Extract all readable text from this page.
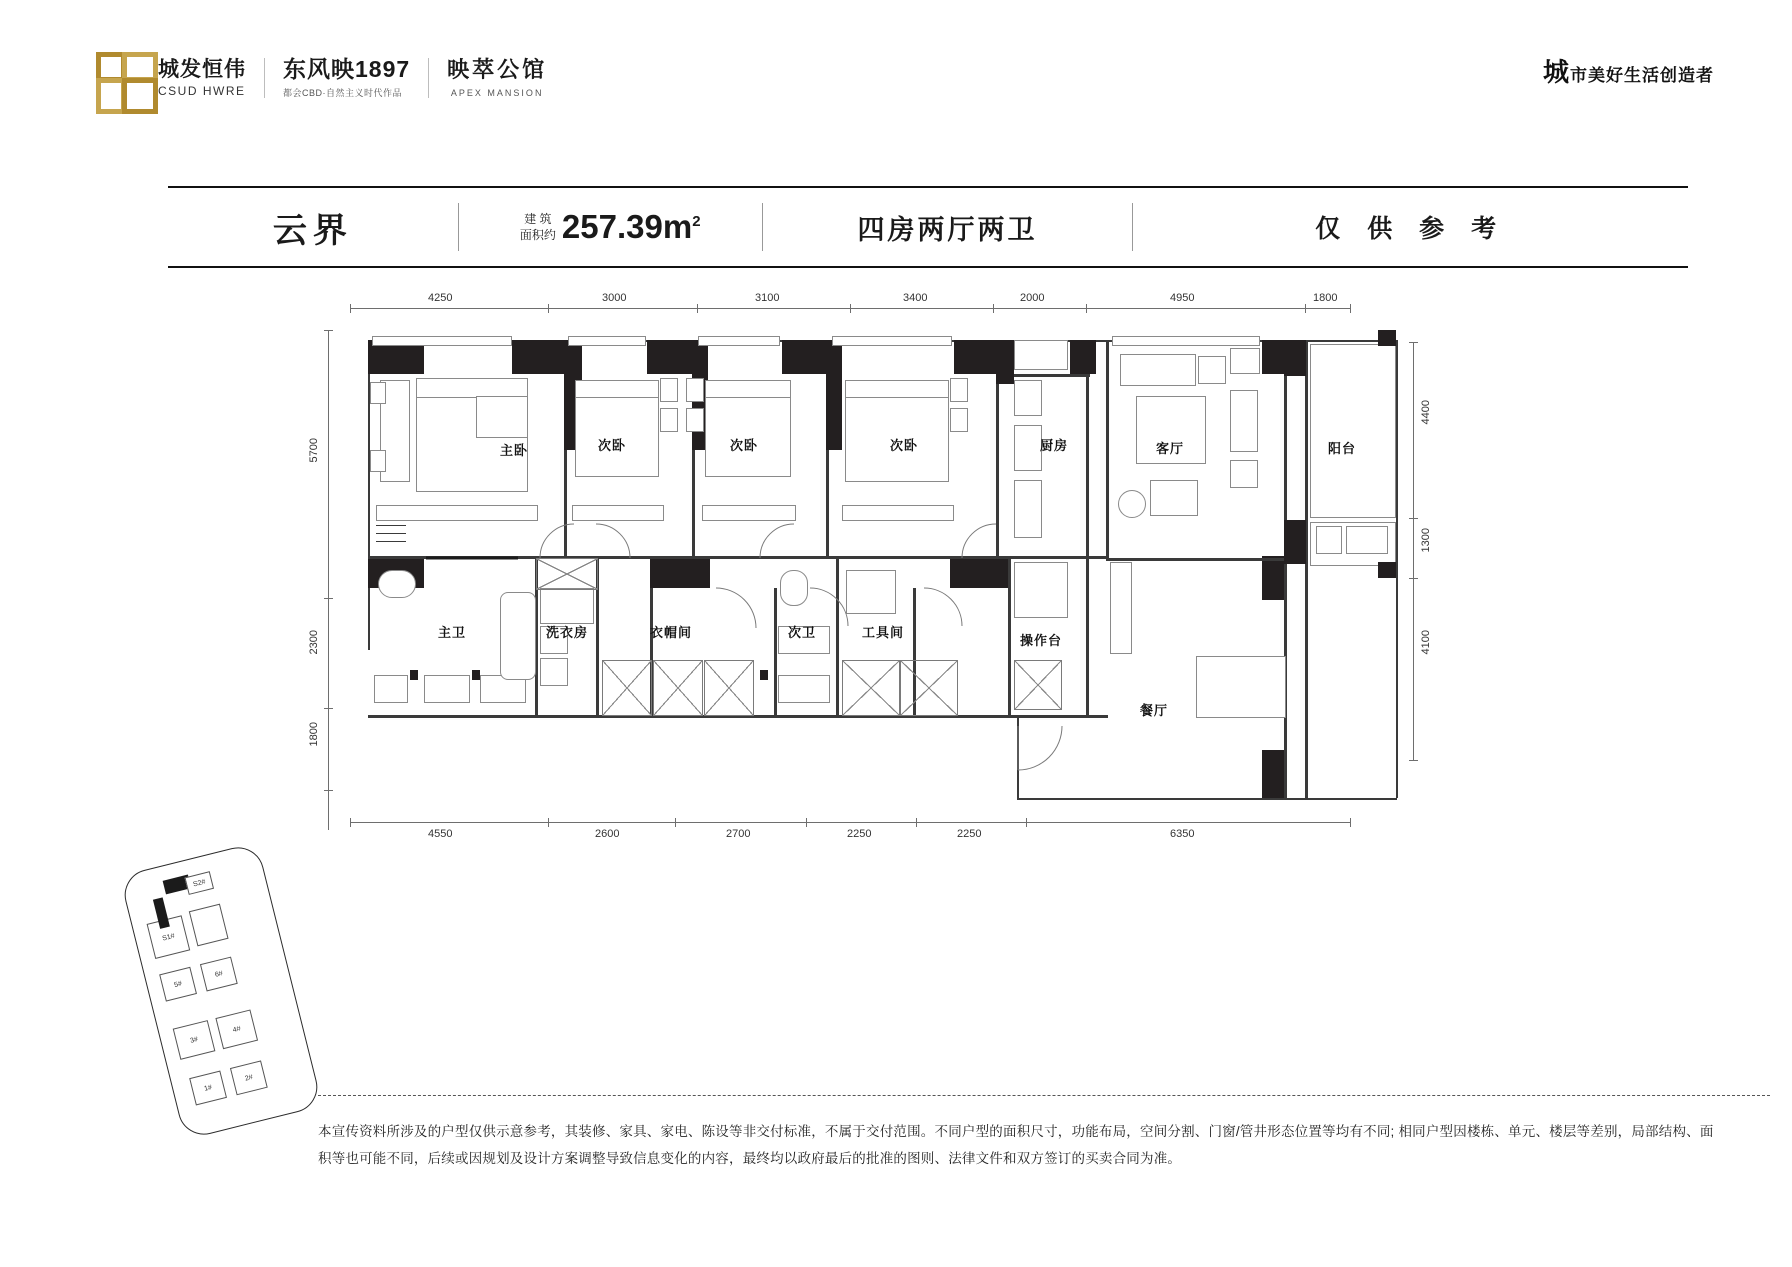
城发恒伟
CSUD HWRE
东风映1897
都会CBD·自然主义时代作品
映萃公馆
APEX MANSION
城市美好生活创造者
云界	建 筑
面积约 $257.39m^2$	四房两厅两卫	仅 供 参 考
4250	3000	3100	3400	2000	4950	1800
5700
2300
1800
4400
1300
4100
4550	2600	2700	2250	2250	6350
主卧	次卧	次卧	次卧	厨房	客厅	阳台
主卫	洗衣房	衣帽间	次卫	工具间
操作台
餐厅
S2#
S1#
5#
6#
3#
4#
1#
2#
本宣传资料所涉及的户型仅供示意参考，其装修、家具、家电、陈设等非交付标准，不属于交付范围。不同户型的面积尺寸，功能布局，空间分割、门窗/管井形态位置等均有不同; 相同户型因楼栋、单元、楼层等差别，局部结构、面
积等也可能不同，后续或因规划及设计方案调整导致信息变化的内容，最终均以政府最后的批准的图则、法律文件和双方签订的买卖合同为准。
